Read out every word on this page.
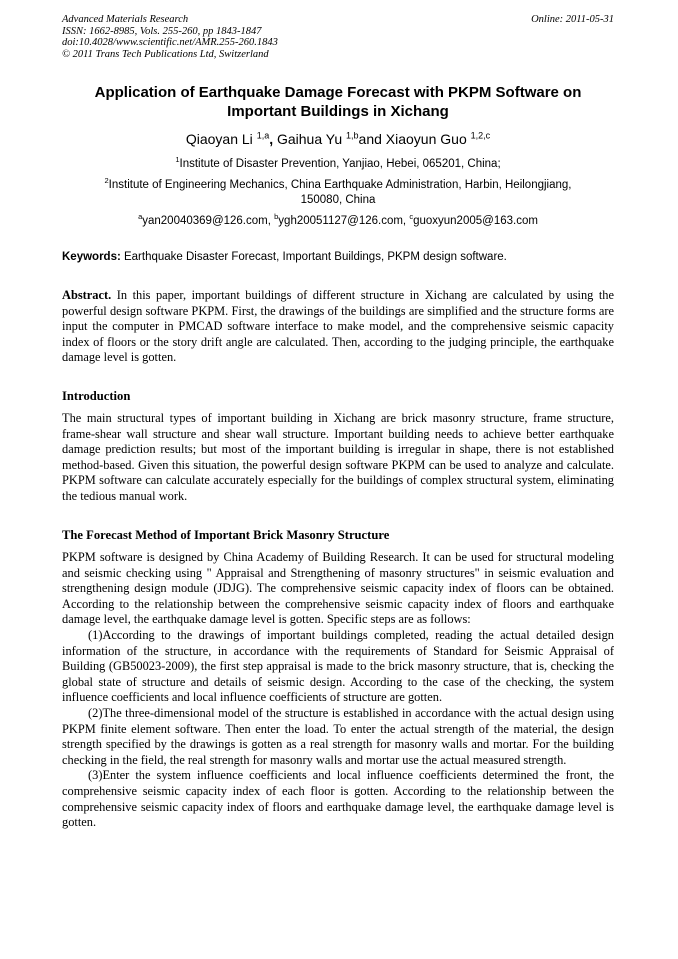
Advanced Materials Research
ISSN: 1662-8985, Vols. 255-260, pp 1843-1847
doi:10.4028/www.scientific.net/AMR.255-260.1843
© 2011 Trans Tech Publications Ltd, Switzerland
Online: 2011-05-31
Application of Earthquake Damage Forecast with PKPM Software on
Important Buildings in Xichang
Qiaoyan Li $^{1,a}$, Gaihua Yu $^{1,b}$and Xiaoyun Guo $^{1,2,c}$
$^1$Institute of Disaster Prevention, Yanjiao, Hebei, 065201, China;
$^2$Institute of Engineering Mechanics, China Earthquake Administration, Harbin, Heilongjiang,
150080, China
$^a$yan20040369@126.com, $^b$ygh20051127@126.com, $^c$guoxyun2005@163.com
Keywords: Earthquake Disaster Forecast, Important Buildings, PKPM design software.
Abstract. In this paper, important buildings of different structure in Xichang are calculated by using the powerful design software PKPM. First, the drawings of the buildings are simplified and the structure forms are input the computer in PMCAD software interface to make model, and the comprehensive seismic capacity index of floors or the story drift angle are calculated. Then, according to the judging principle, the earthquake damage level is gotten.
Introduction
The main structural types of important building in Xichang are brick masonry structure, frame structure, frame-shear wall structure and shear wall structure. Important building needs to achieve better earthquake damage prediction results; but most of the important building is irregular in shape, there is not established method-based. Given this situation, the powerful design software PKPM can be used to analyze and calculate. PKPM software can calculate accurately especially for the buildings of complex structural system, eliminating the tedious manual work.
The Forecast Method of Important Brick Masonry Structure

PKPM software is designed by China Academy of Building Research. It can be used for structural modeling and seismic checking using " Appraisal and Strengthening of masonry structures" in seismic evaluation and strengthening design module (JDJG). The comprehensive seismic capacity index of floors can be obtained. According to the relationship between the comprehensive seismic capacity index of floors and earthquake damage level, the earthquake damage level is gotten. Specific steps are as follows:

(1)According to the drawings of important buildings completed, reading the actual detailed design information of the structure, in accordance with the requirements of Standard for Seismic Appraisal of Building (GB50023-2009), the first step appraisal is made to the brick masonry structure, that is, checking the global state of structure and details of seismic design. According to the case of the checking, the system influence coefficients and local influence coefficients of structure are gotten.

(2)The three-dimensional model of the structure is established in accordance with the actual design using PKPM finite element software. Then enter the load. To enter the actual strength of the material, the design strength specified by the drawings is gotten as a real strength for masonry walls and mortar. For the building checking in the field, the real strength for masonry walls and mortar use the actual measured strength.

(3)Enter the system influence coefficients and local influence coefficients determined the front, the comprehensive seismic capacity index of each floor is gotten. According to the relationship between the comprehensive seismic capacity index of floors and earthquake damage level, the earthquake damage level is gotten.
